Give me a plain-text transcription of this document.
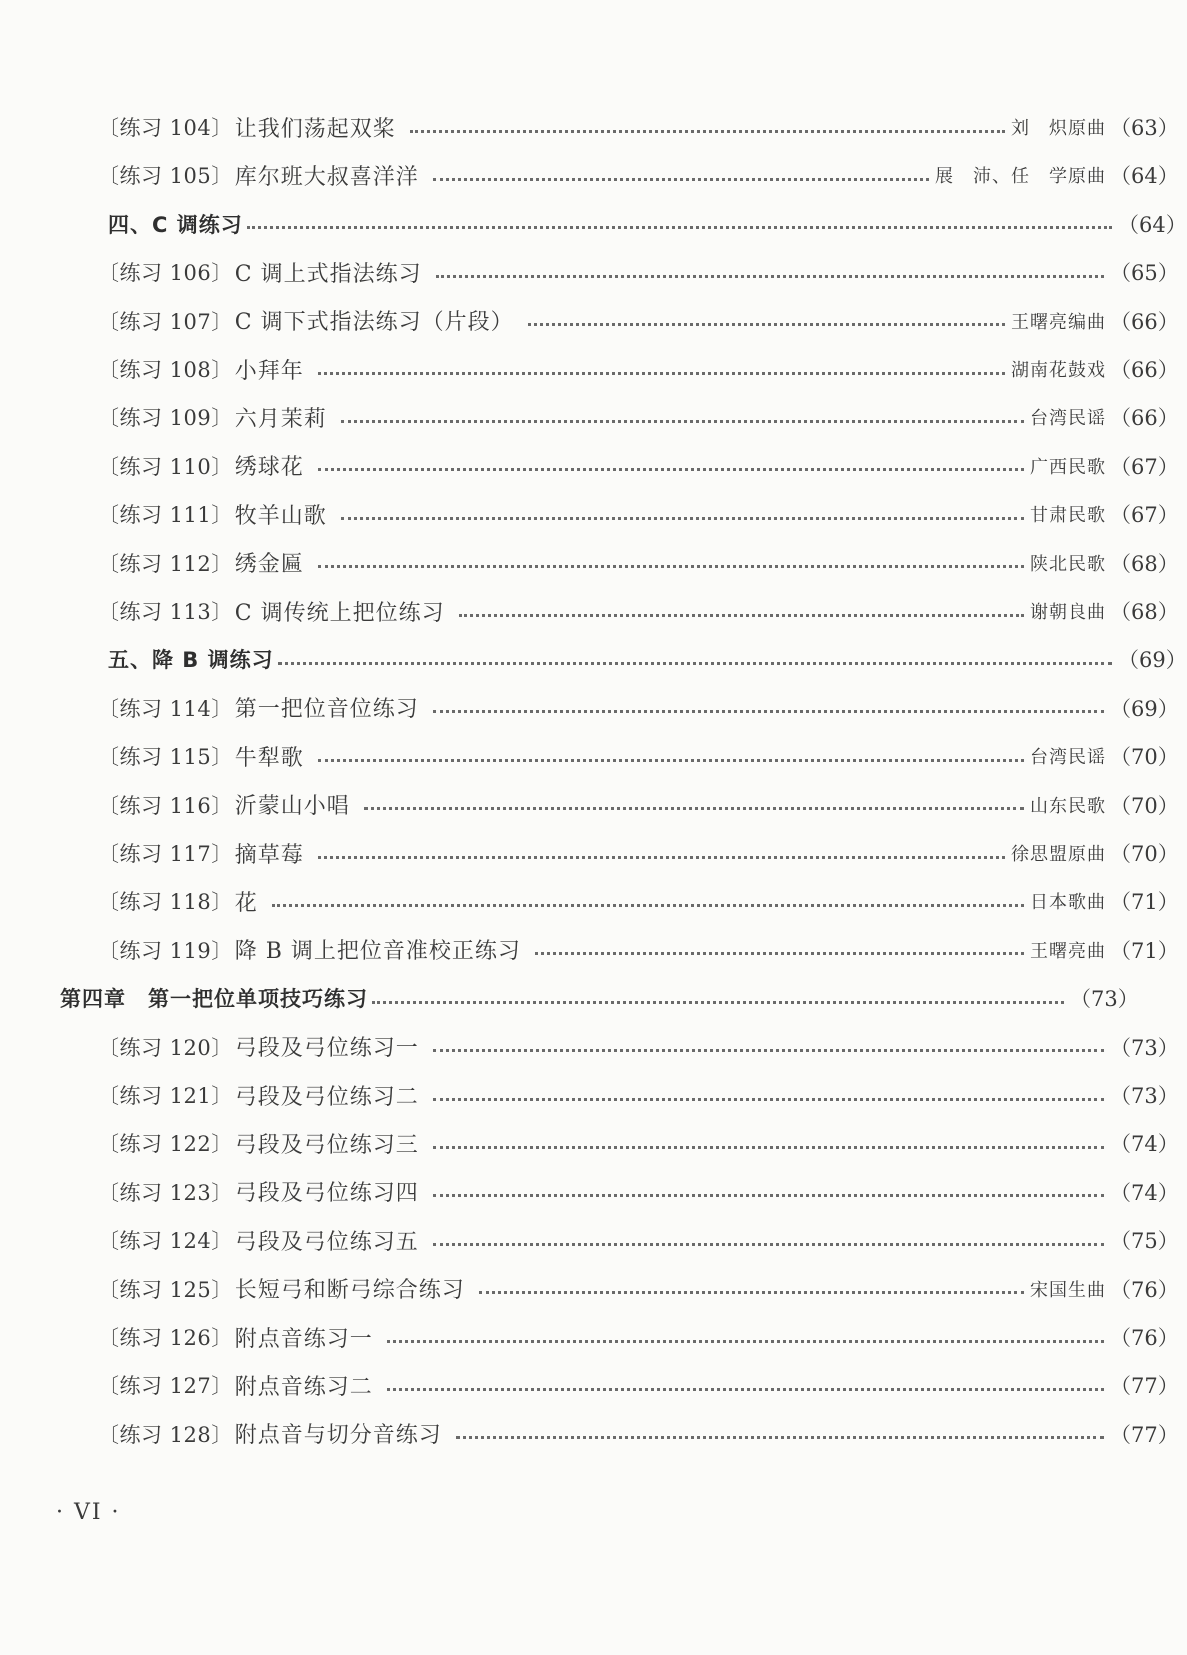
〔练习 104〕 让我们荡起双桨	刘　炽原曲 （63）
〔练习 105〕 库尔班大叔喜洋洋	展　沛、任　学原曲 （64）
四、C 调练习	（64）
〔练习 106〕 C 调上式指法练习	（65）
〔练习 107〕 C 调下式指法练习（片段）	王曙亮编曲 （66）
〔练习 108〕 小拜年	湖南花鼓戏 （66）
〔练习 109〕 六月茉莉	台湾民谣 （66）
〔练习 110〕 绣球花	广西民歌 （67）
〔练习 111〕 牧羊山歌	甘肃民歌 （67）
〔练习 112〕 绣金匾	陕北民歌 （68）
〔练习 113〕 C 调传统上把位练习	谢朝良曲 （68）
五、降 B 调练习	（69）
〔练习 114〕 第一把位音位练习	（69）
〔练习 115〕 牛犁歌	台湾民谣 （70）
〔练习 116〕 沂蒙山小唱	山东民歌 （70）
〔练习 117〕 摘草莓	徐思盟原曲 （70）
〔练习 118〕 花	日本歌曲 （71）
〔练习 119〕 降 B 调上把位音准校正练习	王曙亮曲 （71）
第四章　第一把位单项技巧练习	（73）
〔练习 120〕 弓段及弓位练习一	（73）
〔练习 121〕 弓段及弓位练习二	（73）
〔练习 122〕 弓段及弓位练习三	（74）
〔练习 123〕 弓段及弓位练习四	（74）
〔练习 124〕 弓段及弓位练习五	（75）
〔练习 125〕 长短弓和断弓综合练习	宋国生曲 （76）
〔练习 126〕 附点音练习一	（76）
〔练习 127〕 附点音练习二	（77）
〔练习 128〕 附点音与切分音练习	（77）
· VI ·
